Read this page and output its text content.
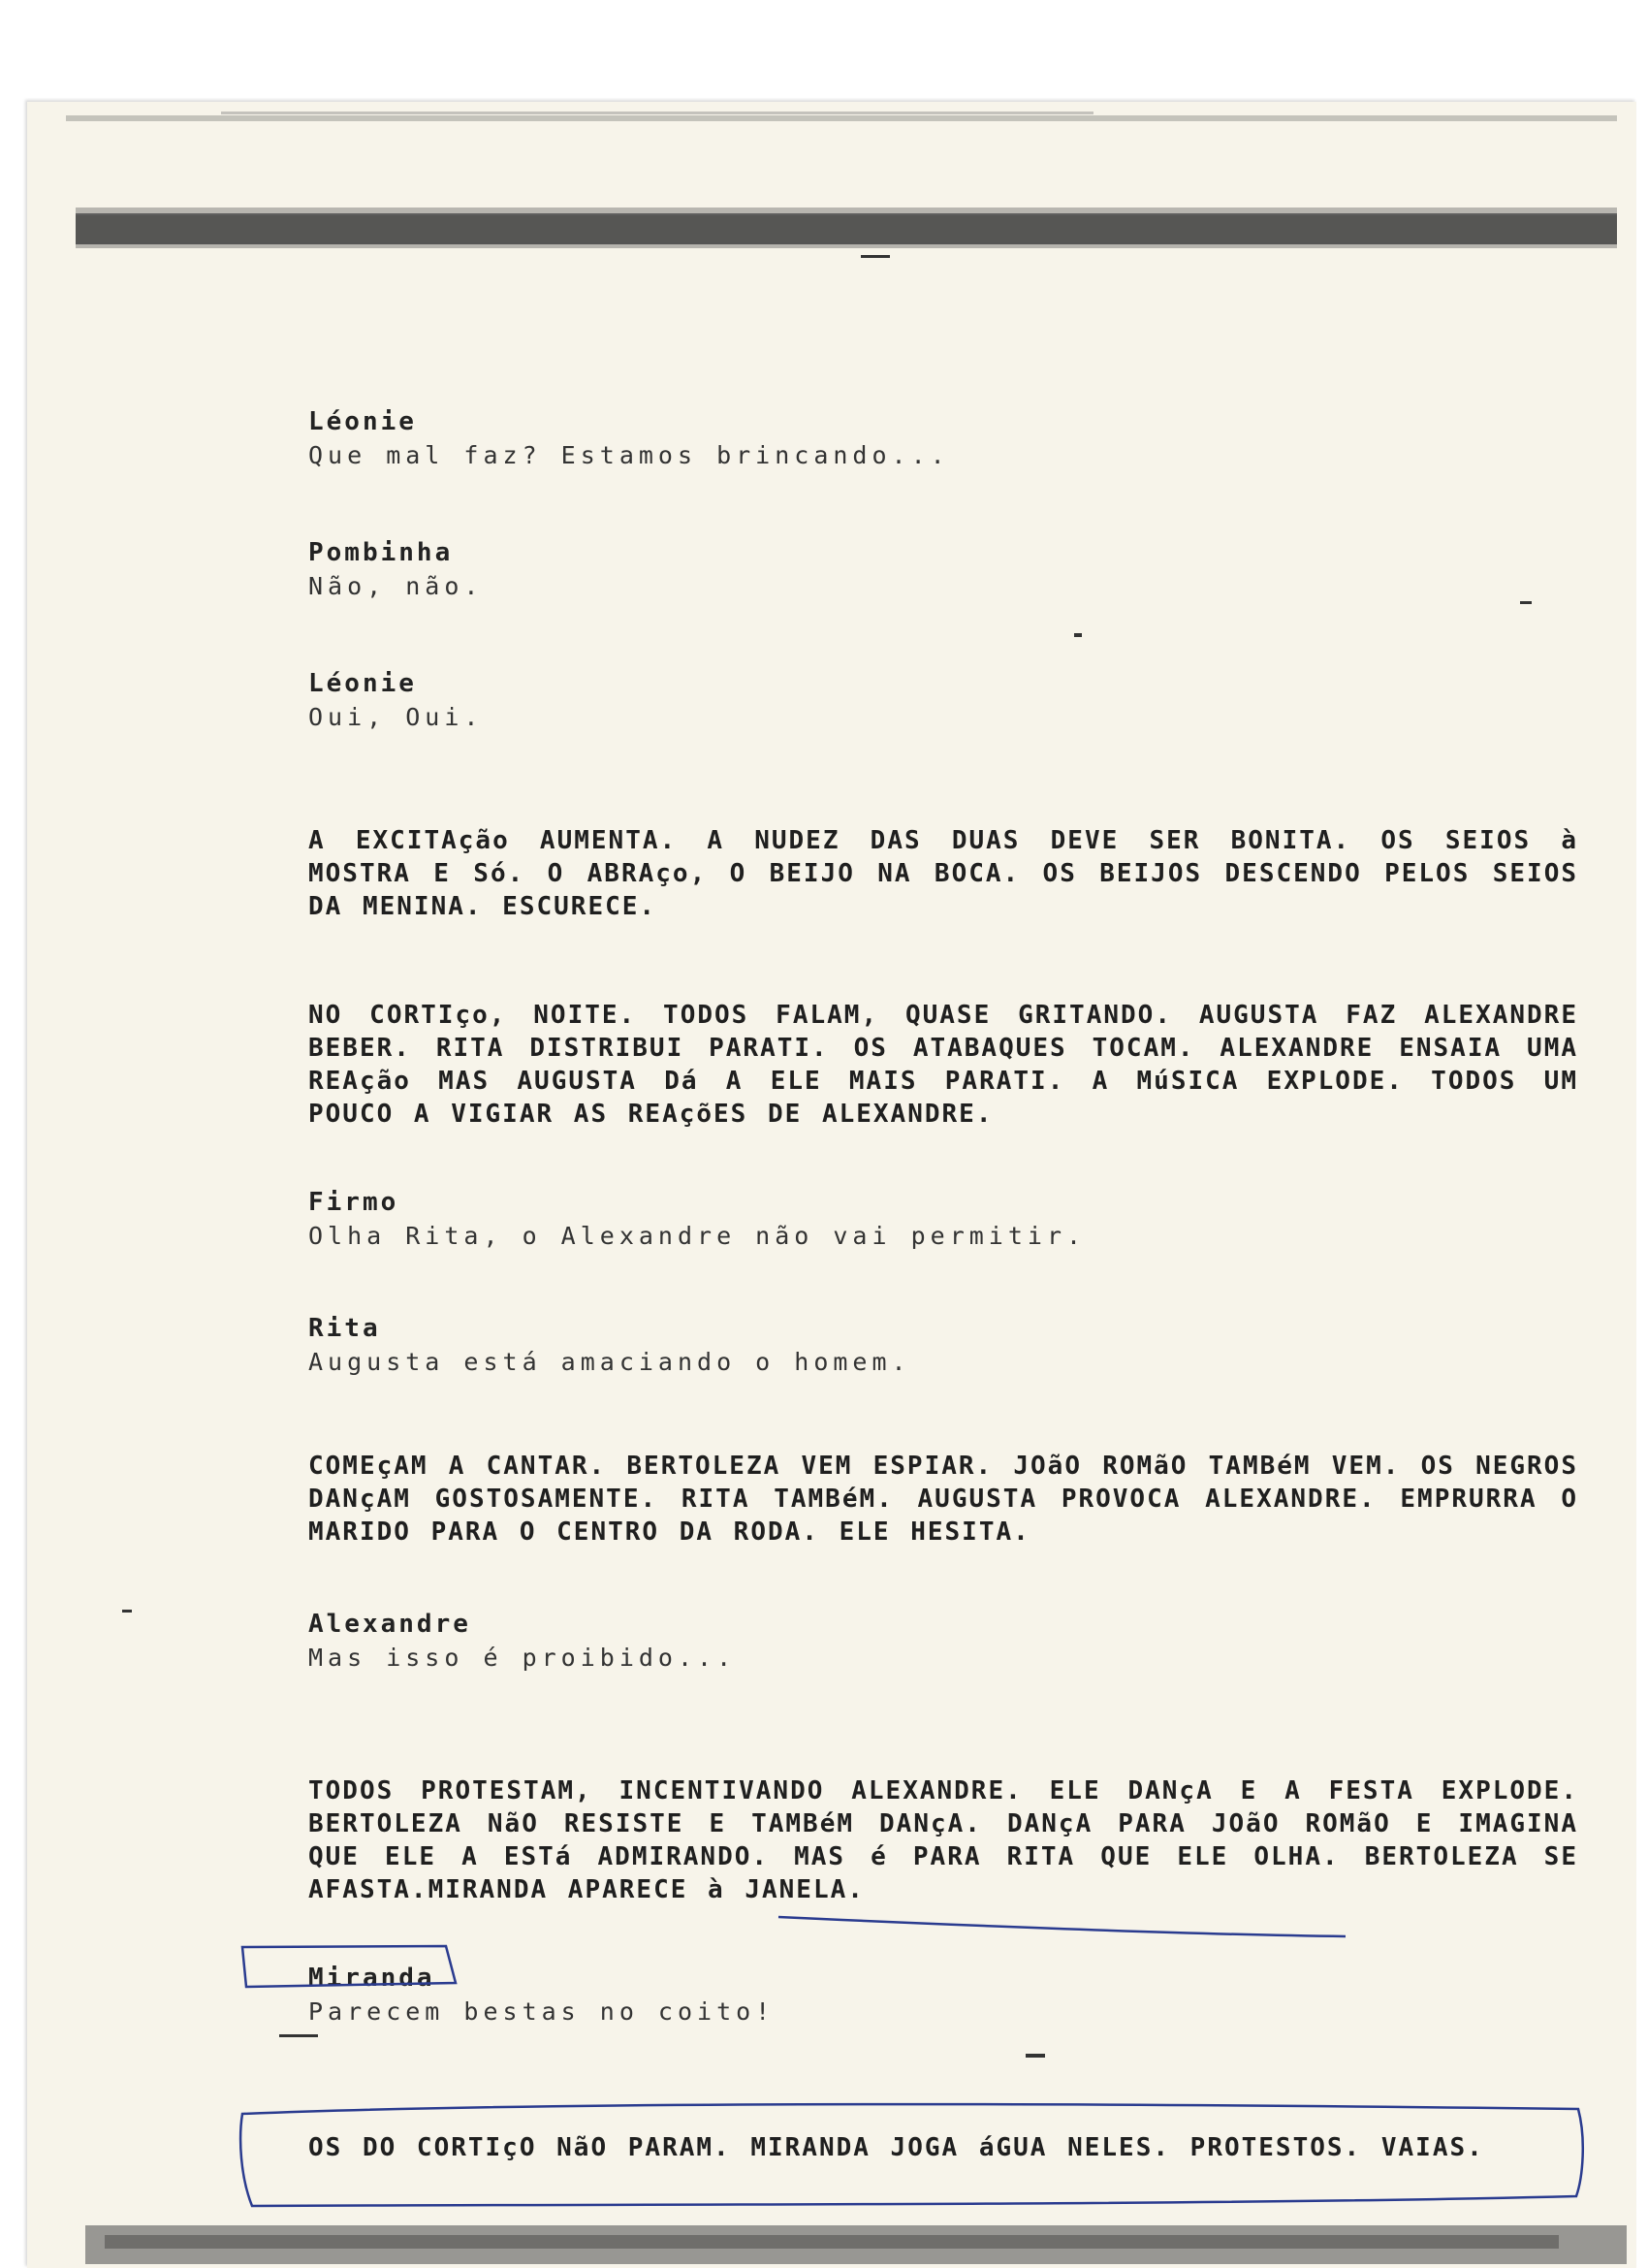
Léonie
Que mal faz? Estamos brincando...
Pombinha
Não, não.
Léonie
Oui, Oui.
A EXCITAção AUMENTA. A NUDEZ DAS DUAS DEVE SER BONITA. OS SEIOS à MOSTRA E Só. O ABRAço, O BEIJO NA BOCA. OS BEIJOS DESCENDO PELOS SEIOS DA MENINA. ESCURECE.
NO CORTIço, NOITE. TODOS FALAM, QUASE GRITANDO. AUGUSTA FAZ ALEXANDRE BEBER. RITA DISTRIBUI PARATI. OS ATABAQUES TOCAM. ALEXANDRE ENSAIA UMA REAção MAS AUGUSTA Dá A ELE MAIS PARATI. A MúSICA EXPLODE. TODOS UM POUCO A VIGIAR AS REAçõES DE ALEXANDRE.
Firmo
Olha Rita, o Alexandre não vai permitir.
Rita
Augusta está amaciando o homem.
COMEçAM A CANTAR. BERTOLEZA VEM ESPIAR. JOãO ROMãO TAMBéM VEM. OS NEGROS DANçAM GOSTOSAMENTE. RITA TAMBéM. AUGUSTA PROVOCA ALEXANDRE. EMPRURRA O MARIDO PARA O CENTRO DA RODA. ELE HESITA.
Alexandre
Mas isso é proibido...
TODOS PROTESTAM, INCENTIVANDO ALEXANDRE. ELE DANçA E A FESTA EXPLODE. BERTOLEZA NãO RESISTE E TAMBéM DANçA. DANçA PARA JOãO ROMãO E IMAGINA QUE ELE A ESTá ADMIRANDO. MAS é PARA RITA QUE ELE OLHA. BERTOLEZA SE AFASTA.MIRANDA APARECE à JANELA.
Miranda
Parecem bestas no coito!
OS DO CORTIçO NãO PARAM. MIRANDA JOGA áGUA NELES. PROTESTOS. VAIAS.
